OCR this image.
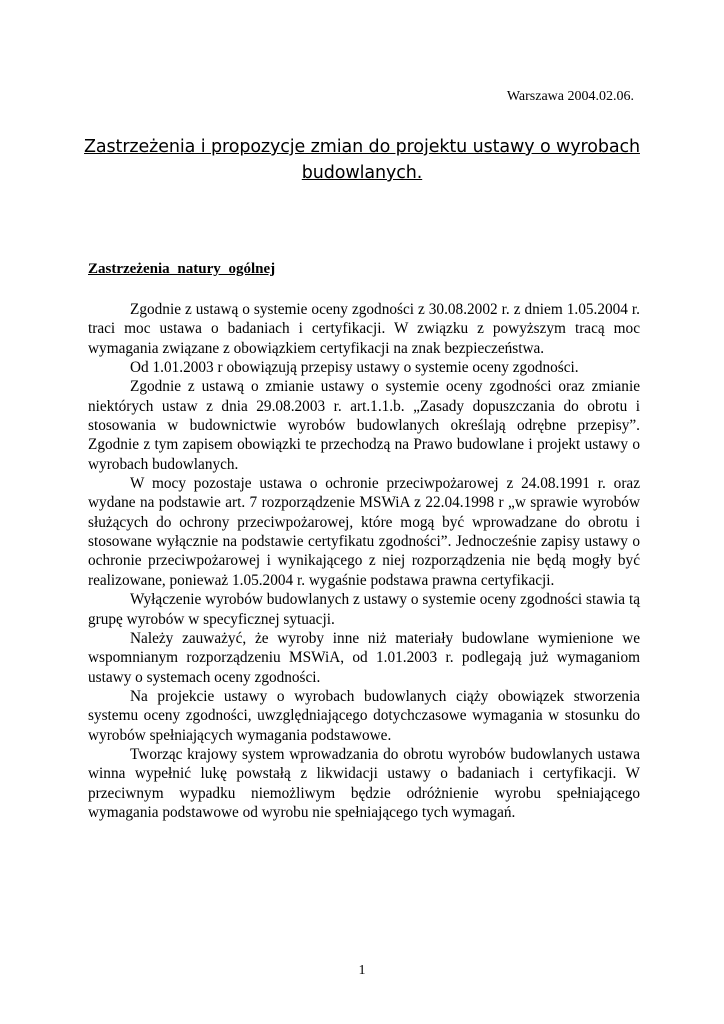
Warszawa 2004.02.06.
Zastrzeżenia i propozycje zmian do projektu ustawy o wyrobach
budowlanych.
Zastrzeżenia natury ogólnej

Zgodnie z ustawą o systemie oceny zgodności z 30.08.2002 r. z dniem 1.05.2004 r. traci moc ustawa o badaniach i certyfikacji. W związku z powyższym tracą moc wymagania związane z obowiązkiem certyfikacji na znak bezpieczeństwa.

Od 1.01.2003 r obowiązują przepisy ustawy o systemie oceny zgodności.

Zgodnie z ustawą o zmianie ustawy o systemie oceny zgodności oraz zmianie niektórych ustaw z dnia 29.08.2003 r. art.1.1.b. „Zasady dopuszczania do obrotu i stosowania w budownictwie wyrobów budowlanych określają odrębne przepisy”. Zgodnie z tym zapisem obowiązki te przechodzą na Prawo budowlane i projekt ustawy o wyrobach budowlanych.

W mocy pozostaje ustawa o ochronie przeciwpożarowej z 24.08.1991 r. oraz wydane na podstawie art. 7 rozporządzenie MSWiA z 22.04.1998 r „w sprawie wyrobów służących do ochrony przeciwpożarowej, które mogą być wprowadzane do obrotu i stosowane wyłącznie na podstawie certyfikatu zgodności”. Jednocześnie zapisy ustawy o ochronie przeciwpożarowej i wynikającego z niej rozporządzenia nie będą mogły być realizowane, ponieważ 1.05.2004 r. wygaśnie podstawa prawna certyfikacji.

Wyłączenie wyrobów budowlanych z ustawy o systemie oceny zgodności stawia tą grupę wyrobów w specyficznej sytuacji.

Należy zauważyć, że wyroby inne niż materiały budowlane wymienione we wspomnianym rozporządzeniu MSWiA, od 1.01.2003 r. podlegają już wymaganiom ustawy o systemach oceny zgodności.

Na projekcie ustawy o wyrobach budowlanych ciąży obowiązek stworzenia systemu oceny zgodności, uwzględniającego dotychczasowe wymagania w stosunku do wyrobów spełniających wymagania podstawowe.

Tworząc krajowy system wprowadzania do obrotu wyrobów budowlanych ustawa winna wypełnić lukę powstałą z likwidacji ustawy o badaniach i certyfikacji. W przeciwnym wypadku niemożliwym będzie odróżnienie wyrobu spełniającego wymagania podstawowe od wyrobu nie spełniającego tych wymagań.

1
